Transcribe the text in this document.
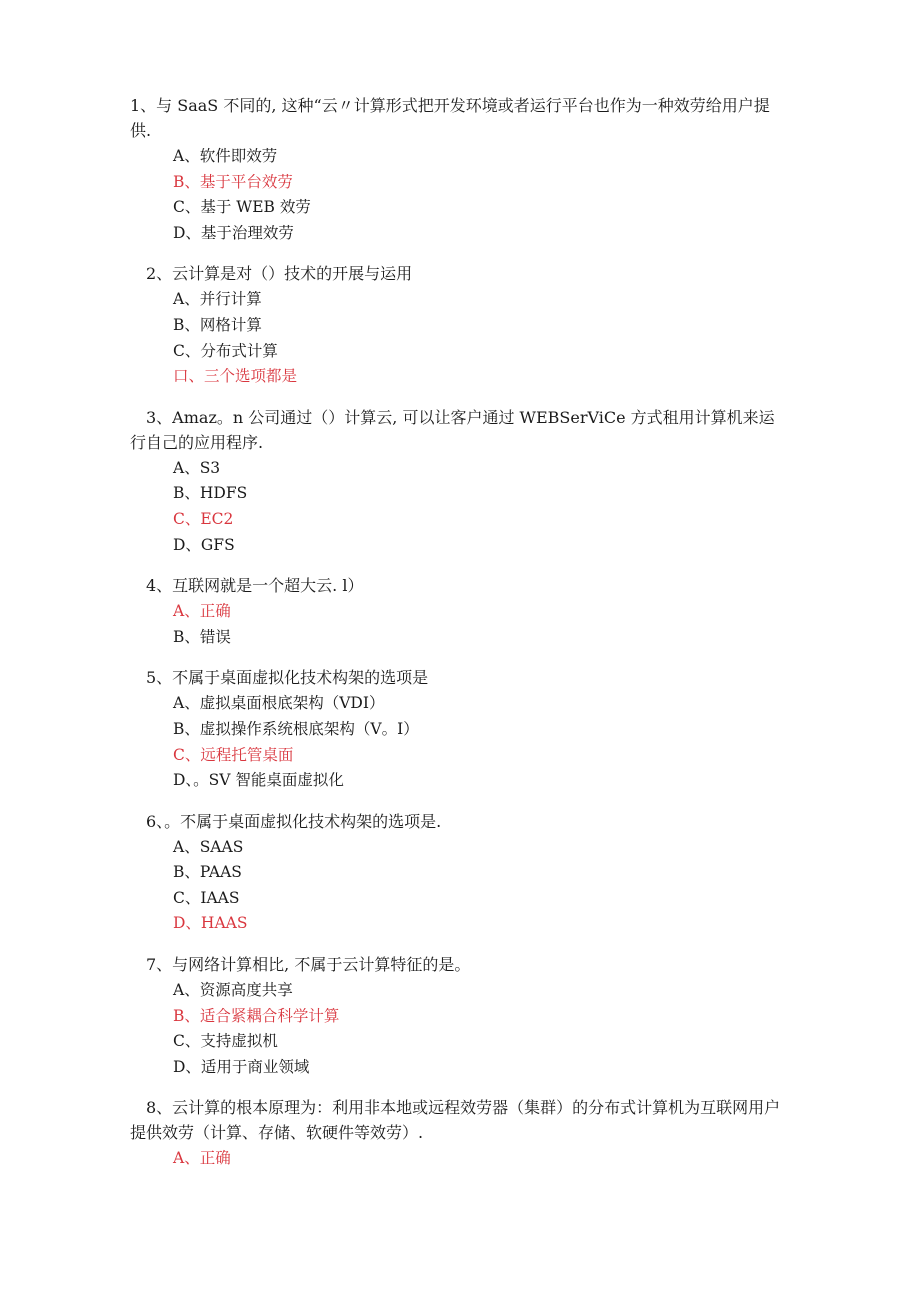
1、与 SaaS 不同的, 这种“云〃计算形式把开发环境或者运行平台也作为一种效劳给用户提供.

A、软件即效劳
B、基于平台效劳
C、基于 WEB 效劳
D、基于治理效劳

2、云计算是对（）技术的开展与运用

A、并行计算
B、网格计算
C、分布式计算
口、三个选项都是

3、Amaz。n 公司通过（）计算云, 可以让客户通过 WEBSerViCe 方式租用计算机来运行自己的应用程序.

A、S3
B、HDFS
C、EC2
D、GFS

4、互联网就是一个超大云. l）

A、正确
B、错误

5、不属于桌面虚拟化技术构架的选项是

A、虚拟桌面根底架构（VDI）
B、虚拟操作系统根底架构（V。I）
C、远程托管桌面
D、。SV 智能桌面虚拟化

6、。不属于桌面虚拟化技术构架的选项是.

A、SAAS
B、PAAS
C、IAAS
D、HAAS

7、与网络计算相比, 不属于云计算特征的是。

A、资源高度共享
B、适合紧耦合科学计算
C、支持虚拟机
D、适用于商业领域

8、云计算的根本原理为：利用非本地或远程效劳器（集群）的分布式计算机为互联网用户提供效劳（计算、存储、软硬件等效劳）.

A、正确
